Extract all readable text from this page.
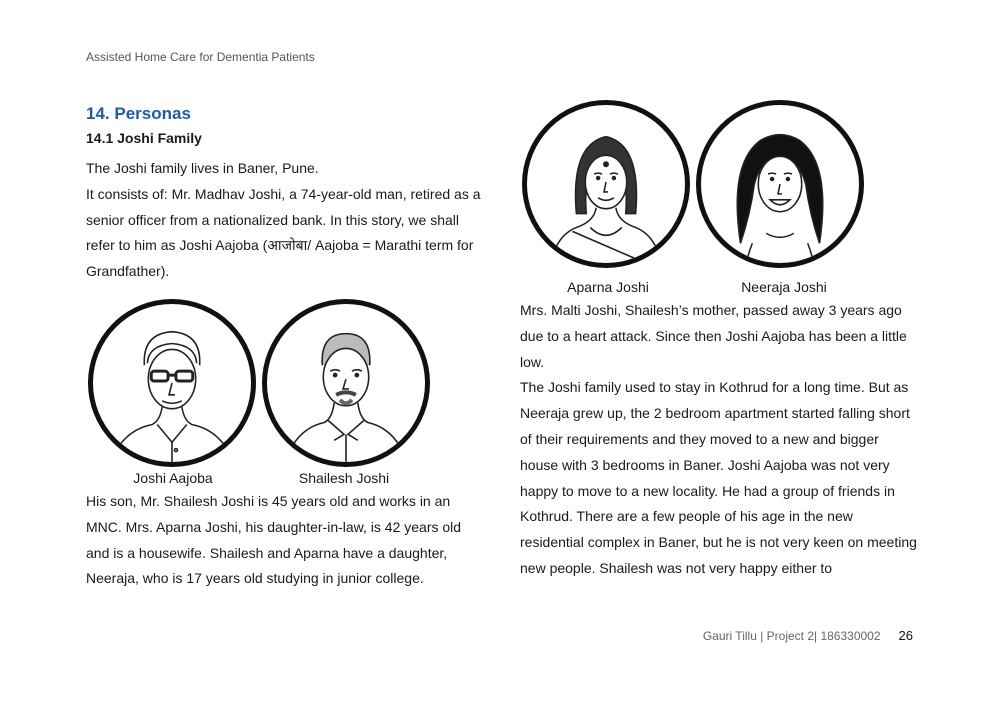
Assisted Home Care for Dementia Patients
14. Personas
14.1 Joshi Family

The Joshi family lives in Baner, Pune.

It consists of: Mr. Madhav Joshi, a 74-year-old man, retired as a senior officer from a nationalized bank. In this story, we shall refer to him as Joshi Aajoba (आजोबा/ Aajoba = Marathi term for Grandfather).

Joshi Aajoba	Shailesh Joshi

His son, Mr. Shailesh Joshi is 45 years old and works in an MNC. Mrs. Aparna Joshi, his daughter-in-law, is 42 years old and is a housewife. Shailesh and Aparna have a daughter, Neeraja, who is 17 years old studying in junior college.

Aparna Joshi	Neeraja Joshi

Mrs. Malti Joshi, Shailesh’s mother, passed away 3 years ago due to a heart attack. Since then Joshi Aajoba has been a little low.

The Joshi family used to stay in Kothrud for a long time. But as Neeraja grew up, the 2 bedroom apartment started falling short of their requirements and they moved to a new and bigger house with 3 bedrooms in Baner. Joshi Aajoba was not very happy to move to a new locality. He had a group of friends in Kothrud. There are a few people of his age in the new residential complex in Baner, but he is not very keen on meeting new people. Shailesh was not very happy either to

Gauri Tillu | Project 2| 186330002 26
